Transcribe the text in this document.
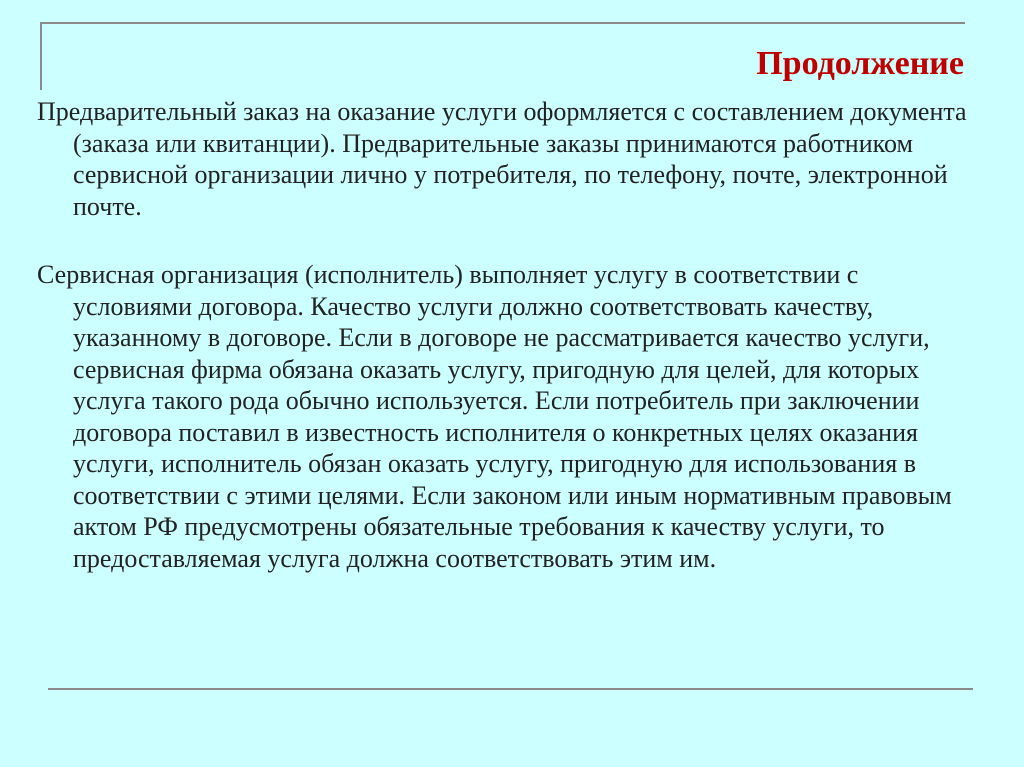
Продолжение

Предварительный заказ на оказание услуги оформляется с составлением документа (заказа или квитанции). Предварительные заказы принимаются работником сервисной организации лично у потребителя, по телефону, почте, электронной почте.

Сервисная организация (исполнитель) выполняет услугу в соответствии с условиями договора. Качество услуги должно соответствовать качеству, указанному в договоре. Если в договоре не рассматривается качество услуги, сервисная фирма обязана оказать услугу, пригодную для целей, для которых услуга такого рода обычно используется. Если потребитель при заключении договора поставил в известность исполнителя о конкретных целях оказания услуги, исполнитель обязан оказать услугу, пригодную для использования в соответствии с этими целями. Если законом или иным нормативным правовым актом РФ предусмотрены обязательные требования к качеству услуги, то предоставляемая услуга должна соответствовать этим им.
